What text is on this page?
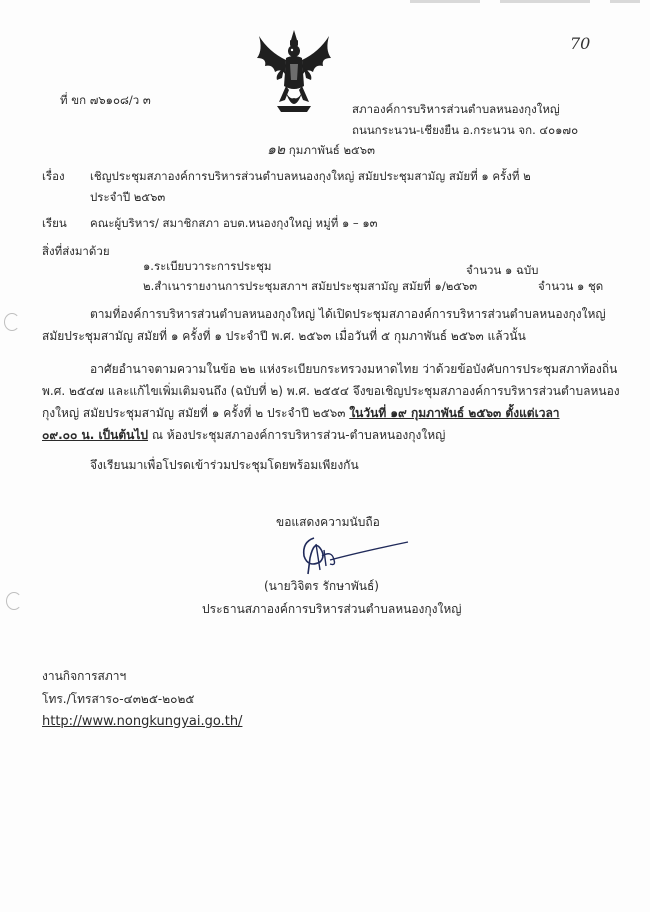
70
ที่ ขก ๗๖๑๐๘/ว ๓
สภาองค์การบริหารส่วนตำบลหนองกุงใหญ่
ถนนกระนวน-เชียงยืน อ.กระนวน จก. ๔๐๑๗๐
๑๒ กุมภาพันธ์ ๒๕๖๓
เรื่อง เชิญประชุมสภาองค์การบริหารส่วนตำบลหนองกุงใหญ่ สมัยประชุมสามัญ สมัยที่ ๑ ครั้งที่ ๒
ประจำปี ๒๕๖๓
เรียน คณะผู้บริหาร/ สมาชิกสภา อบต.หนองกุงใหญ่ หมู่ที่ ๑ – ๑๓
สิ่งที่ส่งมาด้วย
๑.ระเบียบวาระการประชุม	จำนวน ๑ ฉบับ
๒.สำเนารายงานการประชุมสภาฯ สมัยประชุมสามัญ สมัยที่ ๑/๒๕๖๓	จำนวน ๑ ชุด
ตามที่องค์การบริหารส่วนตำบลหนองกุงใหญ่ ได้เปิดประชุมสภาองค์การบริหารส่วนตำบลหนองกุงใหญ่
สมัยประชุมสามัญ สมัยที่ ๑ ครั้งที่ ๑ ประจำปี พ.ศ. ๒๕๖๓ เมื่อวันที่ ๕ กุมภาพันธ์ ๒๕๖๓ แล้วนั้น
อาศัยอำนาจตามความในข้อ ๒๒ แห่งระเบียบกระทรวงมหาดไทย ว่าด้วยข้อบังคับการประชุมสภาท้องถิ่น
พ.ศ. ๒๕๔๗ และแก้ไขเพิ่มเติมจนถึง (ฉบับที่ ๒) พ.ศ. ๒๕๕๔ จึงขอเชิญประชุมสภาองค์การบริหารส่วนตำบลหนอง
กุงใหญ่ สมัยประชุมสามัญ สมัยที่ ๑ ครั้งที่ ๒ ประจำปี ๒๕๖๓ ในวันที่ ๑๙ กุมภาพันธ์ ๒๕๖๓ ตั้งแต่เวลา
๐๙.๐๐ น. เป็นต้นไป ณ ห้องประชุมสภาองค์การบริหารส่วน-ตำบลหนองกุงใหญ่
จึงเรียนมาเพื่อโปรดเข้าร่วมประชุมโดยพร้อมเพียงกัน
ขอแสดงความนับถือ
(นายวิจิตร รักษาพันธ์)
ประธานสภาองค์การบริหารส่วนตำบลหนองกุงใหญ่
งานกิจการสภาฯ
โทร./โทรสาร๐-๔๓๒๕-๒๐๒๕
http://www.nongkungyai.go.th/
